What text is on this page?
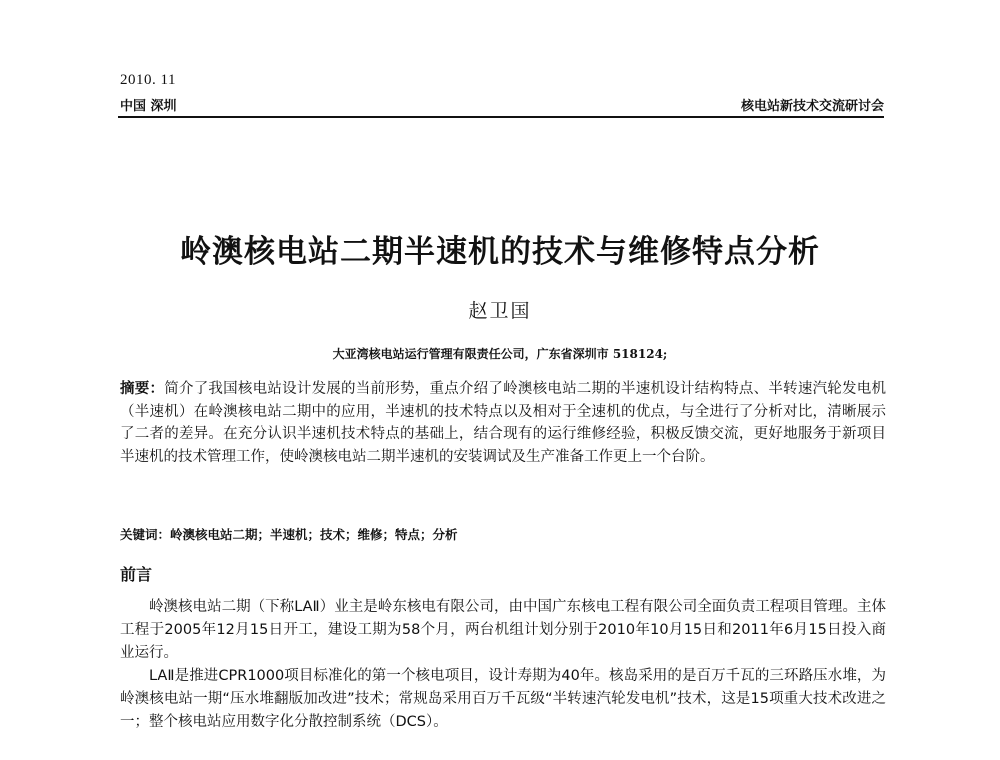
2010. 11
中国 深圳	核电站新技术交流研讨会
岭澳核电站二期半速机的技术与维修特点分析
赵卫国
大亚湾核电站运行管理有限责任公司，广东省深圳市 518124;
摘要：简介了我国核电站设计发展的当前形势，重点介绍了岭澳核电站二期的半速机设计结构特点、半转速汽轮发电机（半速机）在岭澳核电站二期中的应用，半速机的技术特点以及相对于全速机的优点，与全进行了分析对比，清晰展示了二者的差异。在充分认识半速机技术特点的基础上，结合现有的运行维修经验，积极反馈交流，更好地服务于新项目半速机的技术管理工作，使岭澳核电站二期半速机的安装调试及生产准备工作更上一个台阶。
关键词：岭澳核电站二期；半速机；技术；维修；特点；分析
前言

岭澳核电站二期（下称LAⅡ）业主是岭东核电有限公司，由中国广东核电工程有限公司全面负责工程项目管理。主体工程于2005年12月15日开工，建设工期为58个月，两台机组计划分别于2010年10月15日和2011年6月15日投入商业运行。

LAⅡ是推进CPR1000项目标准化的第一个核电项目，设计寿期为40年。核岛采用的是百万千瓦的三环路压水堆，为岭澳核电站一期“压水堆翻版加改进”技术；常规岛采用百万千瓦级“半转速汽轮发电机”技术，这是15项重大技术改进之一；整个核电站应用数字化分散控制系统（DCS）。
